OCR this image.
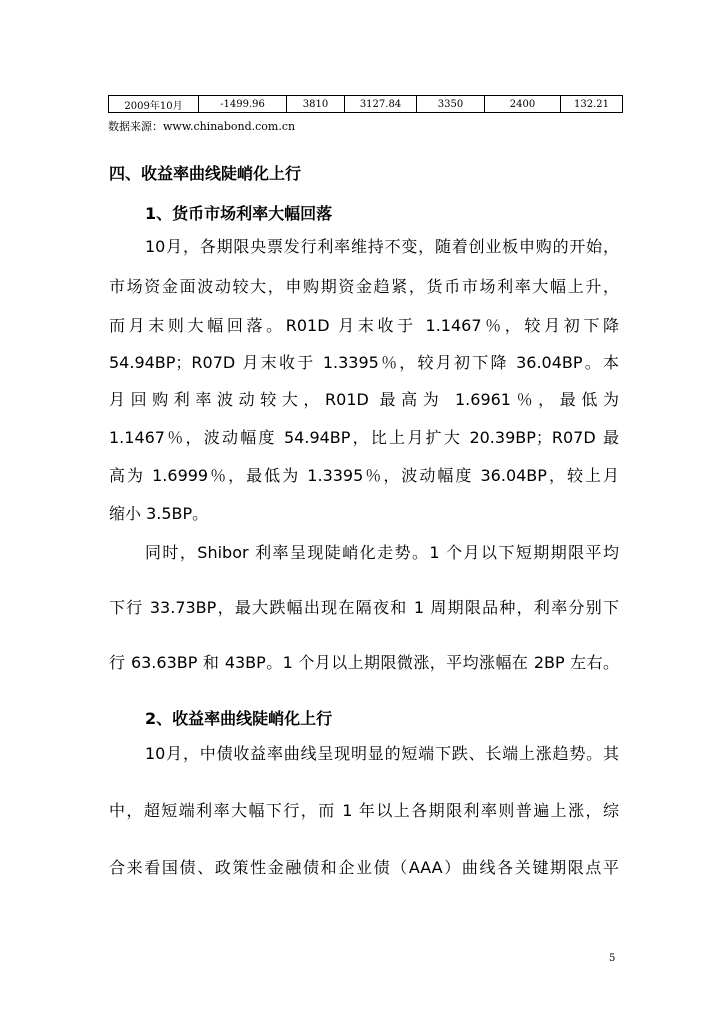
2009年10月	-1499.96	3810	3127.84	3350	2400	132.21
数据来源：www.chinabond.com.cn
四、收益率曲线陡峭化上行
1、货币市场利率大幅回落
10月，各期限央票发行利率维持不变，随着创业板申购的开始，
市场资金面波动较大，申购期资金趋紧，货币市场利率大幅上升，
而月末则大幅回落。R01D 月末收于 1.1467％，较月初下降
54.94BP；R07D 月末收于 1.3395％，较月初下降 36.04BP。本
月回购利率波动较大，R01D 最高为 1.6961％，最低为
1.1467％，波动幅度 54.94BP，比上月扩大 20.39BP；R07D 最
高为 1.6999％，最低为 1.3395％，波动幅度 36.04BP，较上月
缩小 3.5BP。
同时，Shibor 利率呈现陡峭化走势。1 个月以下短期期限平均
下行 33.73BP，最大跌幅出现在隔夜和 1 周期限品种，利率分别下
行 63.63BP 和 43BP。1 个月以上期限微涨，平均涨幅在 2BP 左右。
2、收益率曲线陡峭化上行
10月，中债收益率曲线呈现明显的短端下跌、长端上涨趋势。其
中，超短端利率大幅下行，而 1 年以上各期限利率则普遍上涨，综
合来看国债、政策性金融债和企业债（AAA）曲线各关键期限点平
5
